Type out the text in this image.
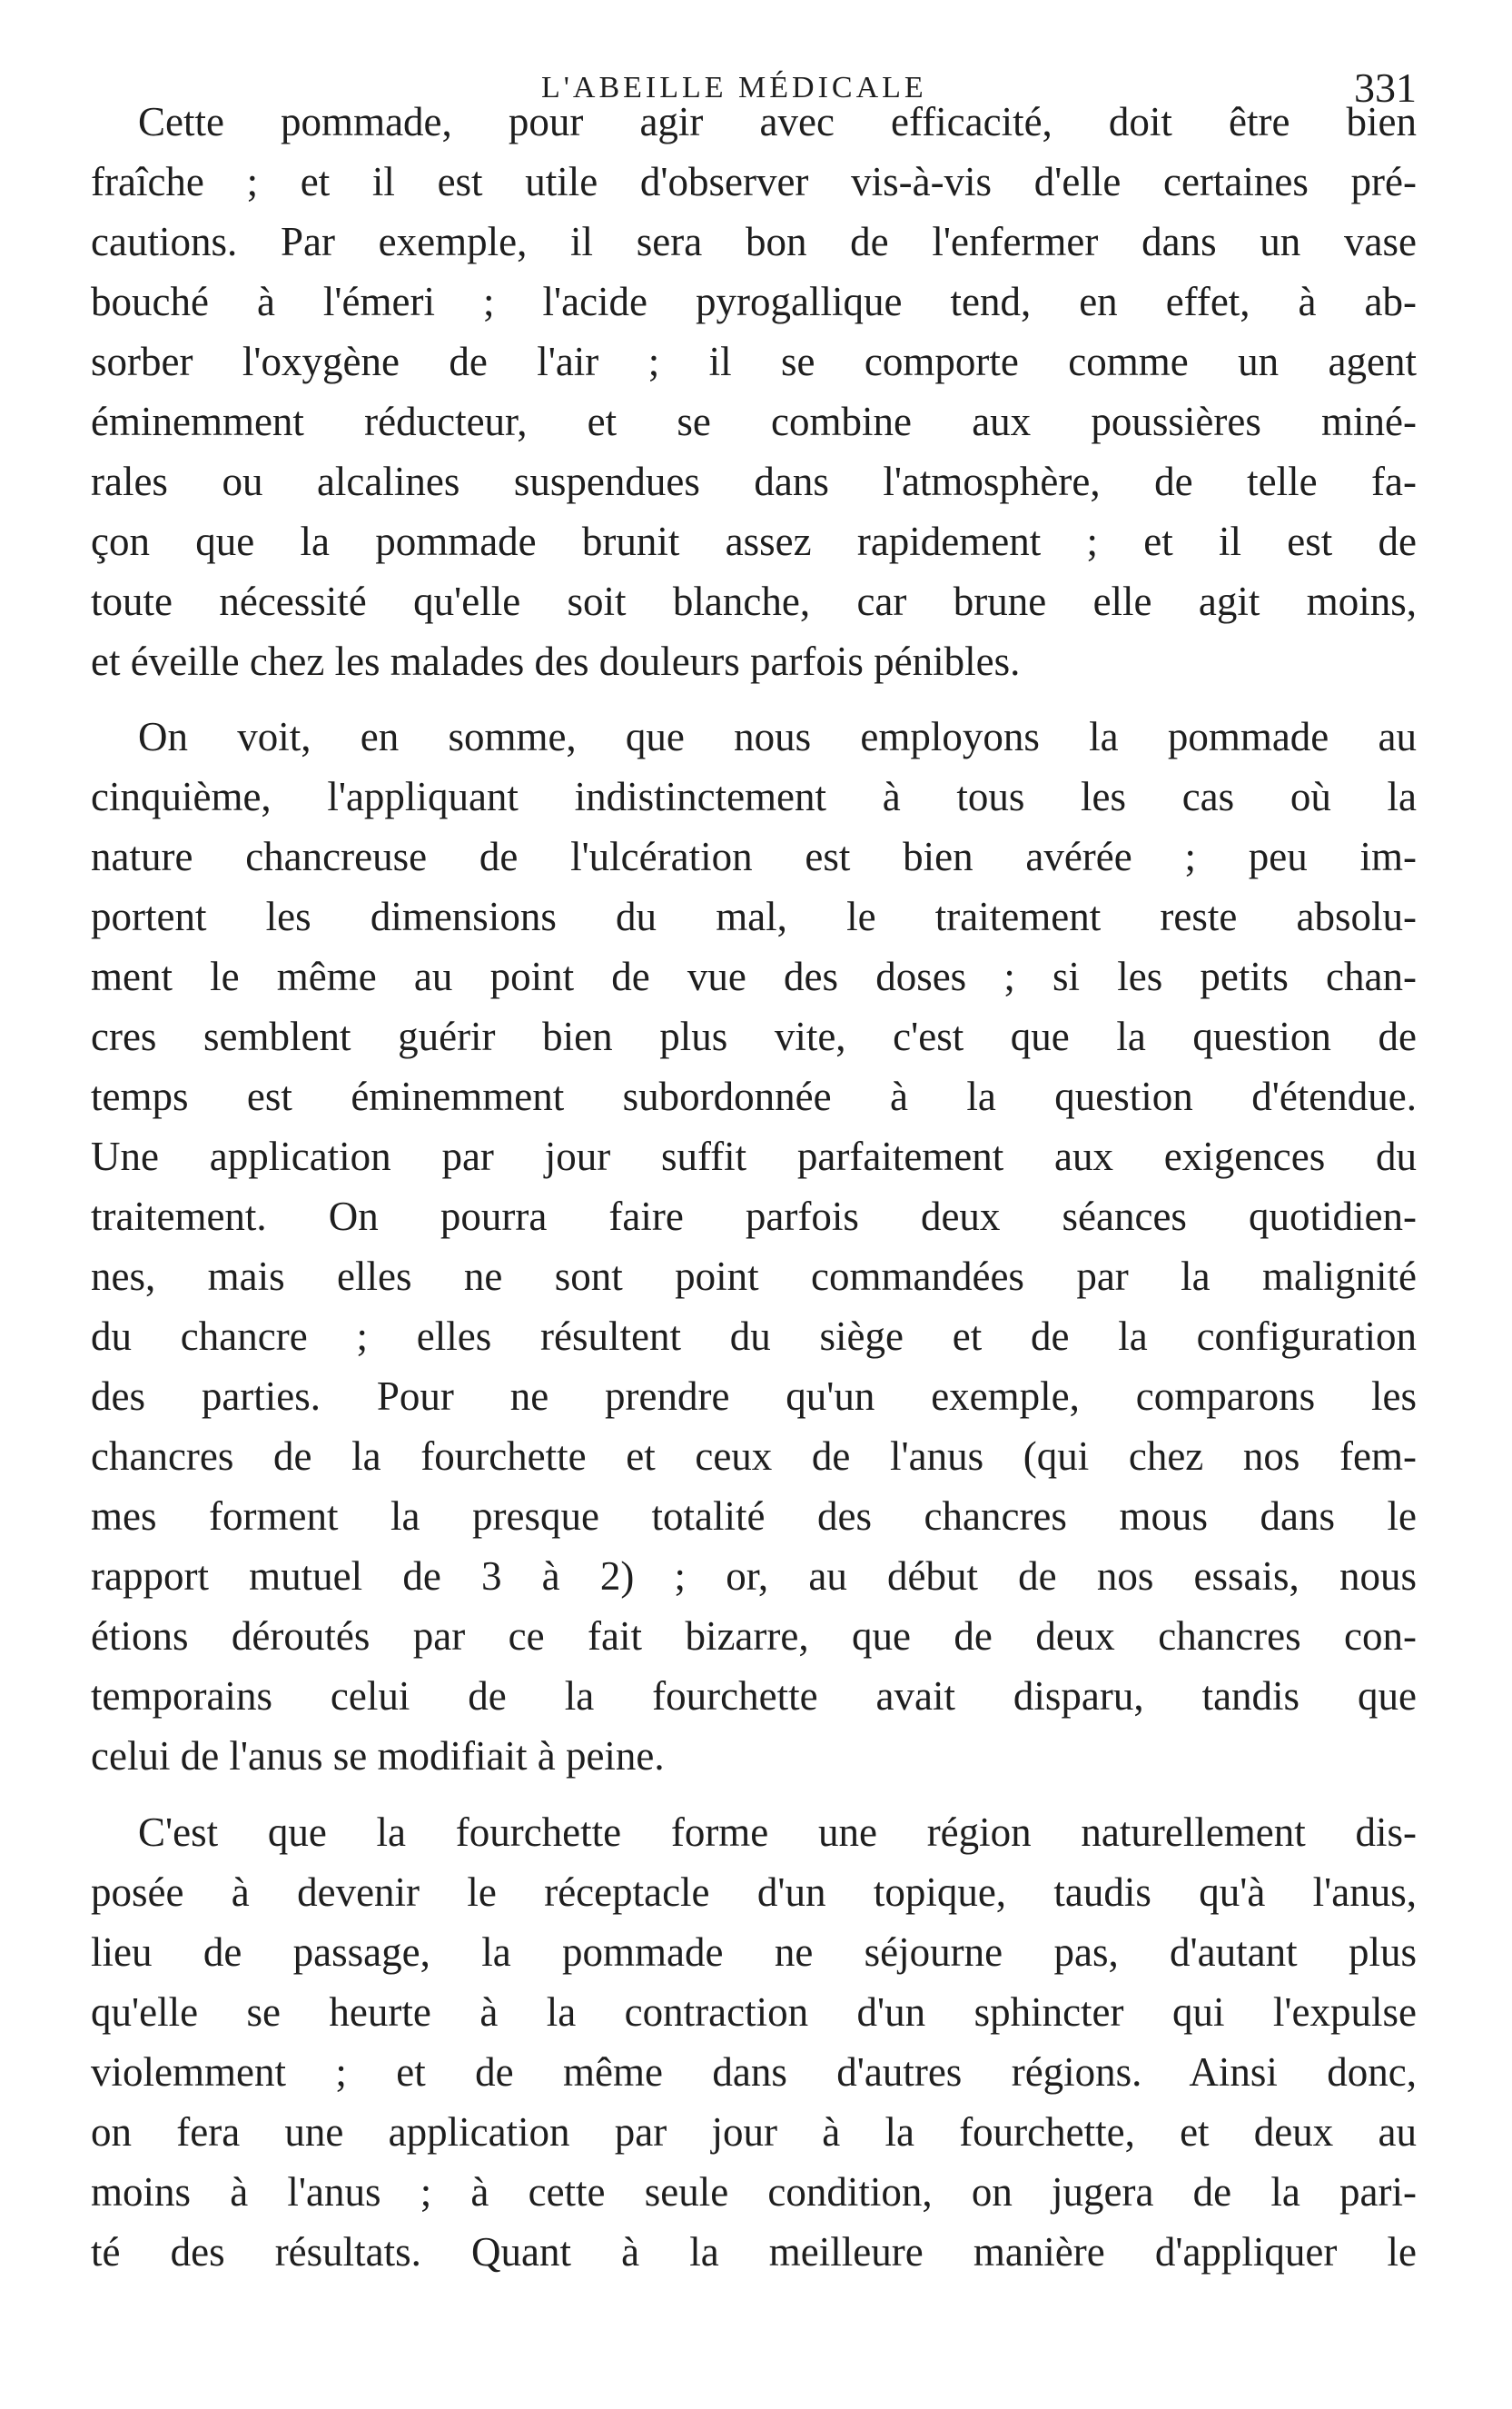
L'ABEILLE MÉDICALE	331
Cette pommade, pour agir avec efficacité, doit être bien
fraîche ; et il est utile d'observer vis-à-vis d'elle certaines pré-
cautions. Par exemple, il sera bon de l'enfermer dans un vase
bouché à l'émeri ; l'acide pyrogallique tend, en effet, à ab-
sorber l'oxygène de l'air ; il se comporte comme un agent
éminemment réducteur, et se combine aux poussières miné-
rales ou alcalines suspendues dans l'atmosphère, de telle fa-
çon que la pommade brunit assez rapidement ; et il est de
toute nécessité qu'elle soit blanche, car brune elle agit moins,
et éveille chez les malades des douleurs parfois pénibles.
On voit, en somme, que nous employons la pommade au
cinquième, l'appliquant indistinctement à tous les cas où la
nature chancreuse de l'ulcération est bien avérée ; peu im-
portent les dimensions du mal, le traitement reste absolu-
ment le même au point de vue des doses ; si les petits chan-
cres semblent guérir bien plus vite, c'est que la question de
temps est éminemment subordonnée à la question d'étendue.
Une application par jour suffit parfaitement aux exigences du
traitement. On pourra faire parfois deux séances quotidien-
nes, mais elles ne sont point commandées par la malignité
du chancre ; elles résultent du siège et de la configuration
des parties. Pour ne prendre qu'un exemple, comparons les
chancres de la fourchette et ceux de l'anus (qui chez nos fem-
mes forment la presque totalité des chancres mous dans le
rapport mutuel de 3 à 2) ; or, au début de nos essais, nous
étions déroutés par ce fait bizarre, que de deux chancres con-
temporains celui de la fourchette avait disparu, tandis que
celui de l'anus se modifiait à peine.
C'est que la fourchette forme une région naturellement dis-
posée à devenir le réceptacle d'un topique, taudis qu'à l'anus,
lieu de passage, la pommade ne séjourne pas, d'autant plus
qu'elle se heurte à la contraction d'un sphincter qui l'expulse
violemment ; et de même dans d'autres régions. Ainsi donc,
on fera une application par jour à la fourchette, et deux au
moins à l'anus ; à cette seule condition, on jugera de la pari-
té des résultats. Quant à la meilleure manière d'appliquer le
